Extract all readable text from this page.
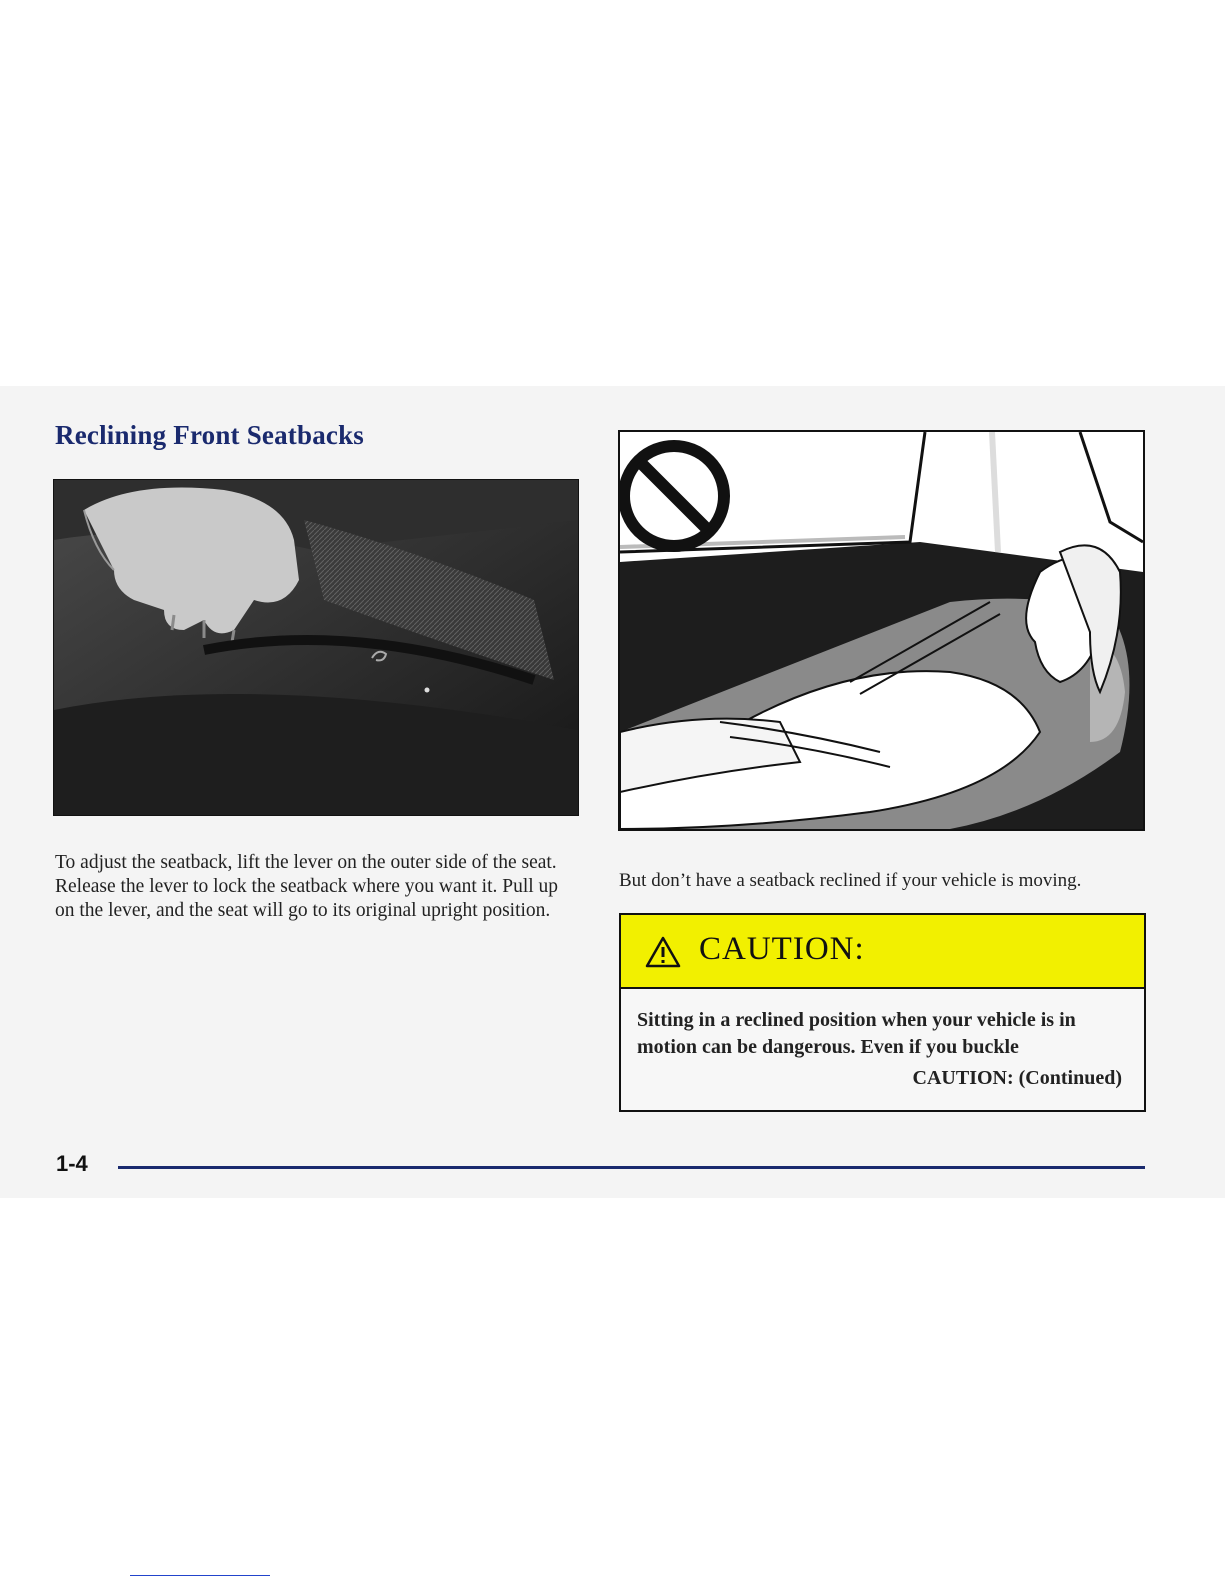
Reclining Front Seatbacks

To adjust the seatback, lift the lever on the outer side of the seat. Release the lever to lock the seatback where you want it. Pull up on the lever, and the seat will go to its original upright position.

But don’t have a seatback reclined if your vehicle is moving.

CAUTION:

Sitting in a reclined position when your vehicle is in motion can be dangerous. Even if you buckle

CAUTION: (Continued)

1-4
